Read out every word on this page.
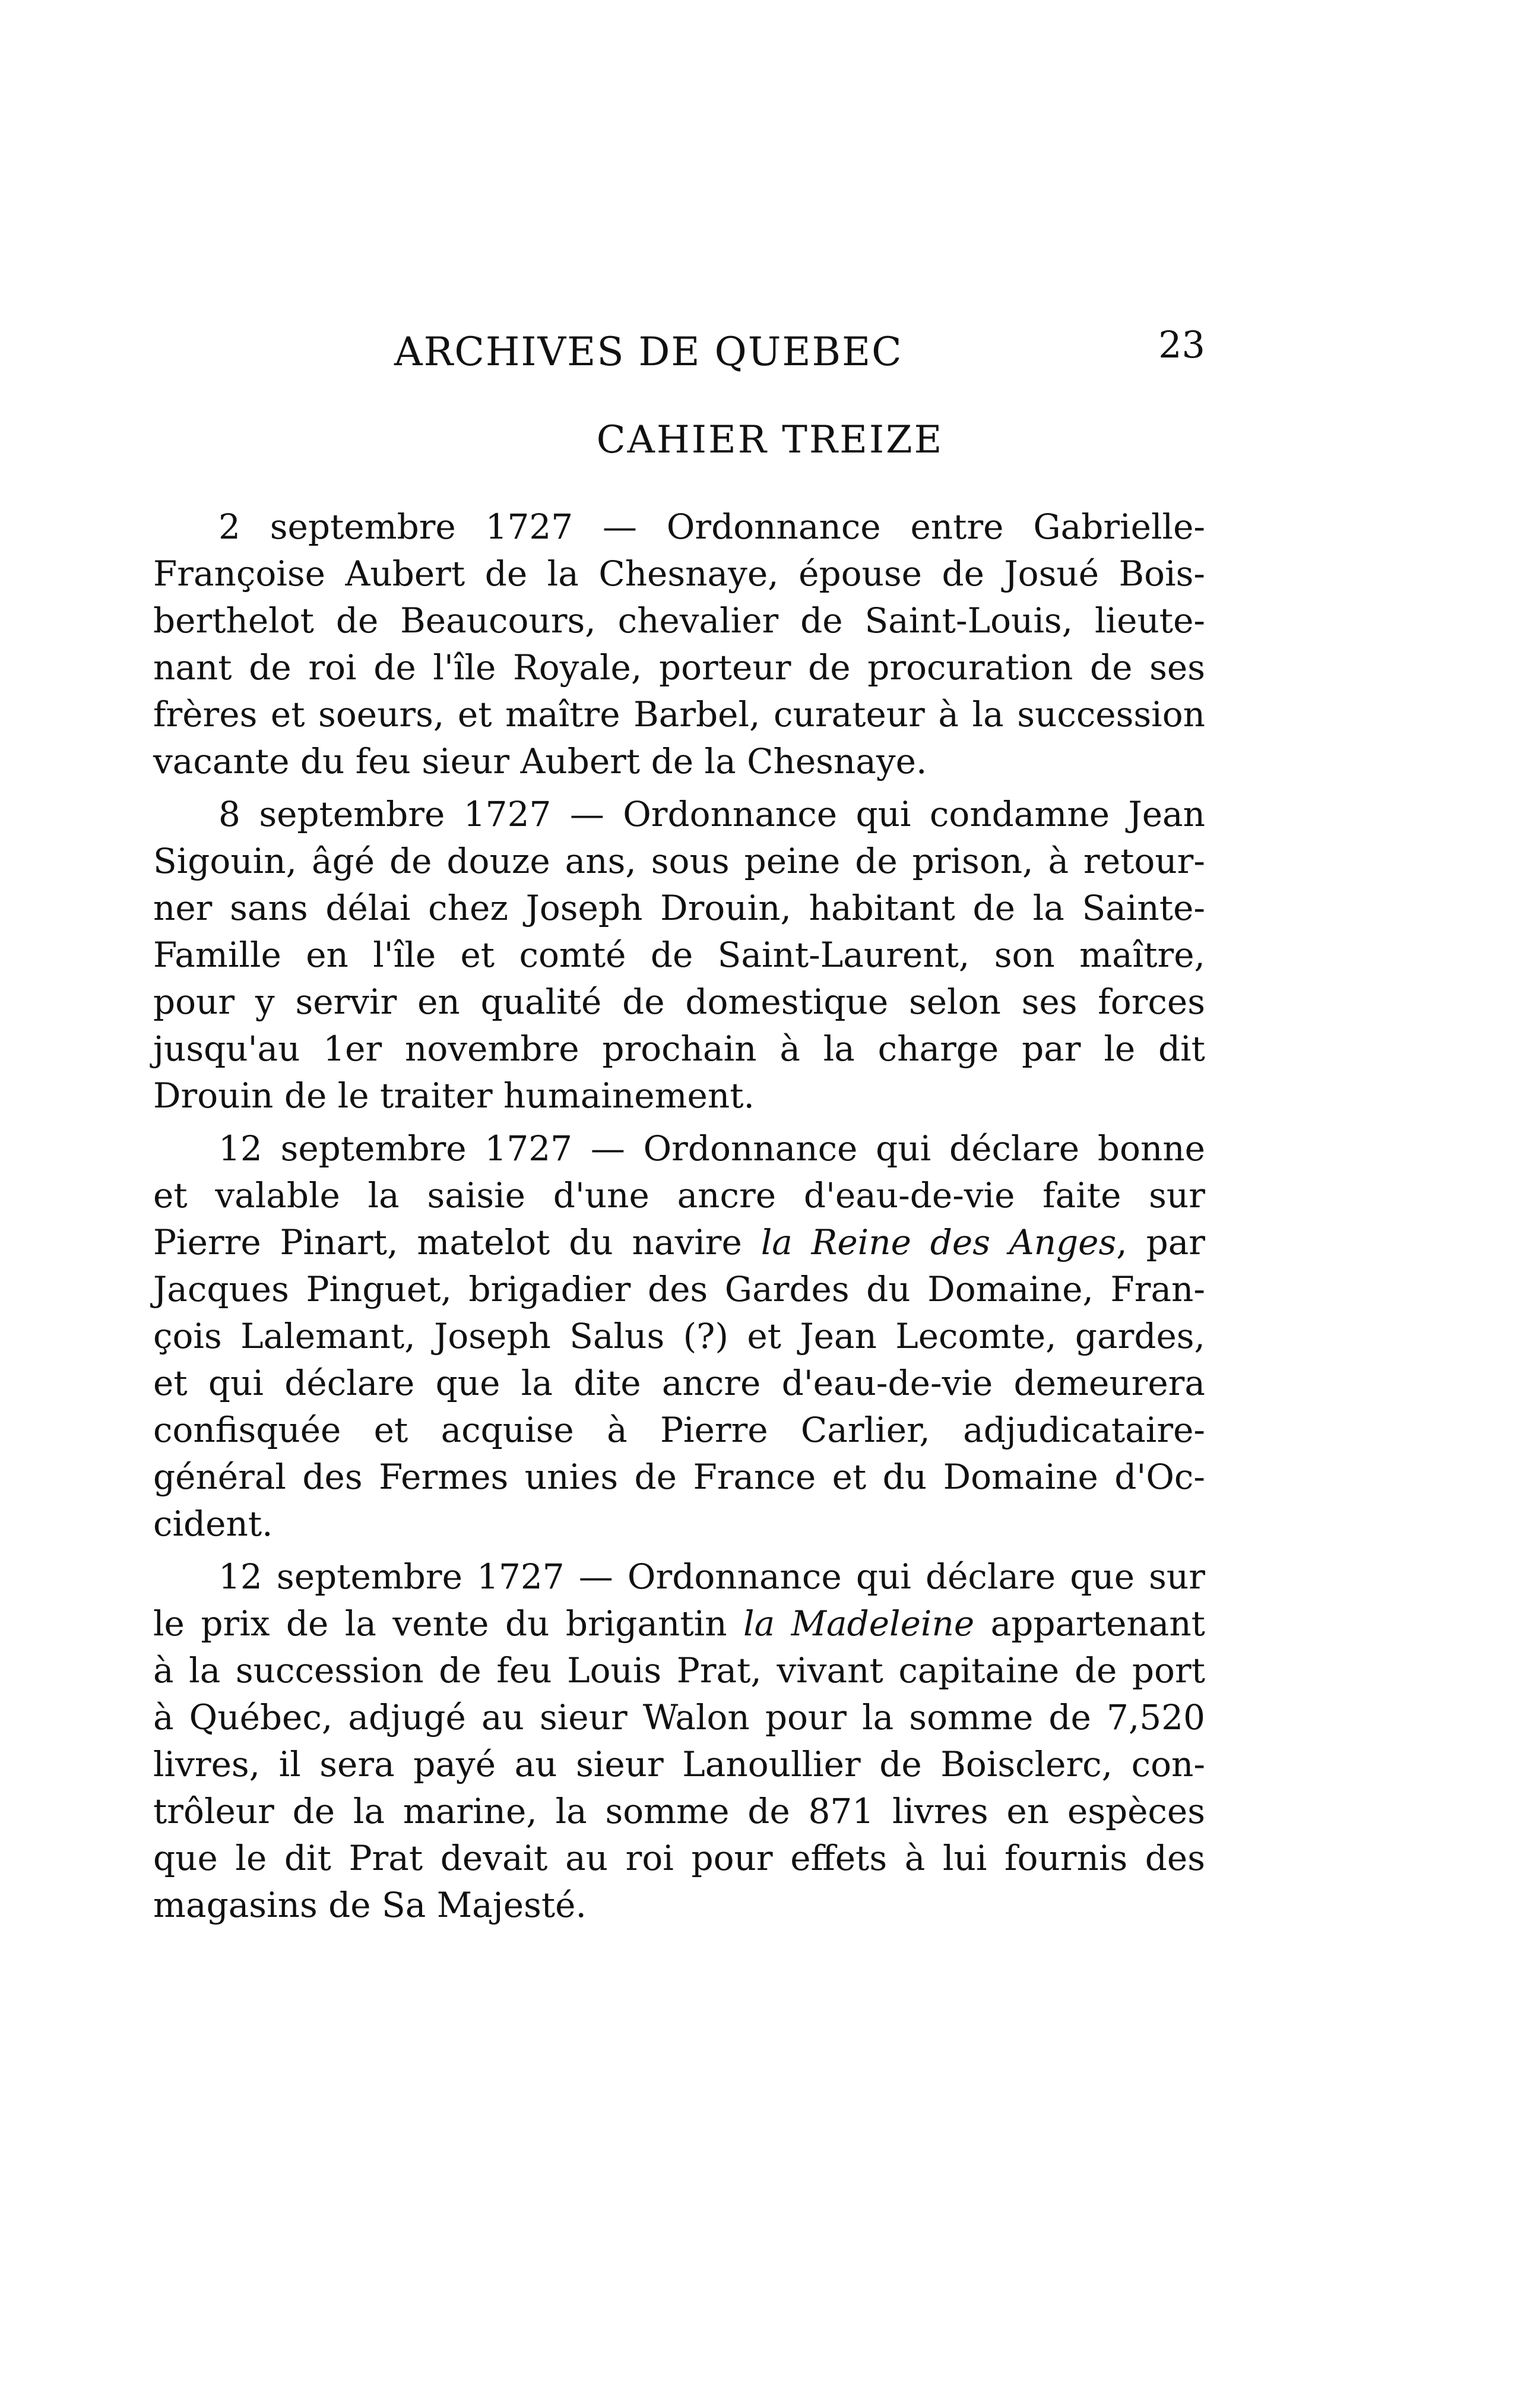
ARCHIVES DE QUEBEC	23
CAHIER TREIZE
2 septembre 1727 — Ordonnance entre Gabrielle-
Françoise Aubert de la Chesnaye, épouse de Josué Bois-
berthelot de Beaucours, chevalier de Saint-Louis, lieute-
nant de roi de l'île Royale, porteur de procuration de ses
frères et soeurs, et maître Barbel, curateur à la succession
vacante du feu sieur Aubert de la Chesnaye.
8 septembre 1727 — Ordonnance qui condamne Jean
Sigouin, âgé de douze ans, sous peine de prison, à retour-
ner sans délai chez Joseph Drouin, habitant de la Sainte-
Famille en l'île et comté de Saint-Laurent, son maître,
pour y servir en qualité de domestique selon ses forces
jusqu'au 1er novembre prochain à la charge par le dit
Drouin de le traiter humainement.
12 septembre 1727 — Ordonnance qui déclare bonne
et valable la saisie d'une ancre d'eau-de-vie faite sur
Pierre Pinart, matelot du navire la Reine des Anges, par
Jacques Pinguet, brigadier des Gardes du Domaine, Fran-
çois Lalemant, Joseph Salus (?) et Jean Lecomte, gardes,
et qui déclare que la dite ancre d'eau-de-vie demeurera
confisquée et acquise à Pierre Carlier, adjudicataire-
général des Fermes unies de France et du Domaine d'Oc-
cident.
12 septembre 1727 — Ordonnance qui déclare que sur
le prix de la vente du brigantin la Madeleine appartenant
à la succession de feu Louis Prat, vivant capitaine de port
à Québec, adjugé au sieur Walon pour la somme de 7,520
livres, il sera payé au sieur Lanoullier de Boisclerc, con-
trôleur de la marine, la somme de 871 livres en espèces
que le dit Prat devait au roi pour effets à lui fournis des
magasins de Sa Majesté.
